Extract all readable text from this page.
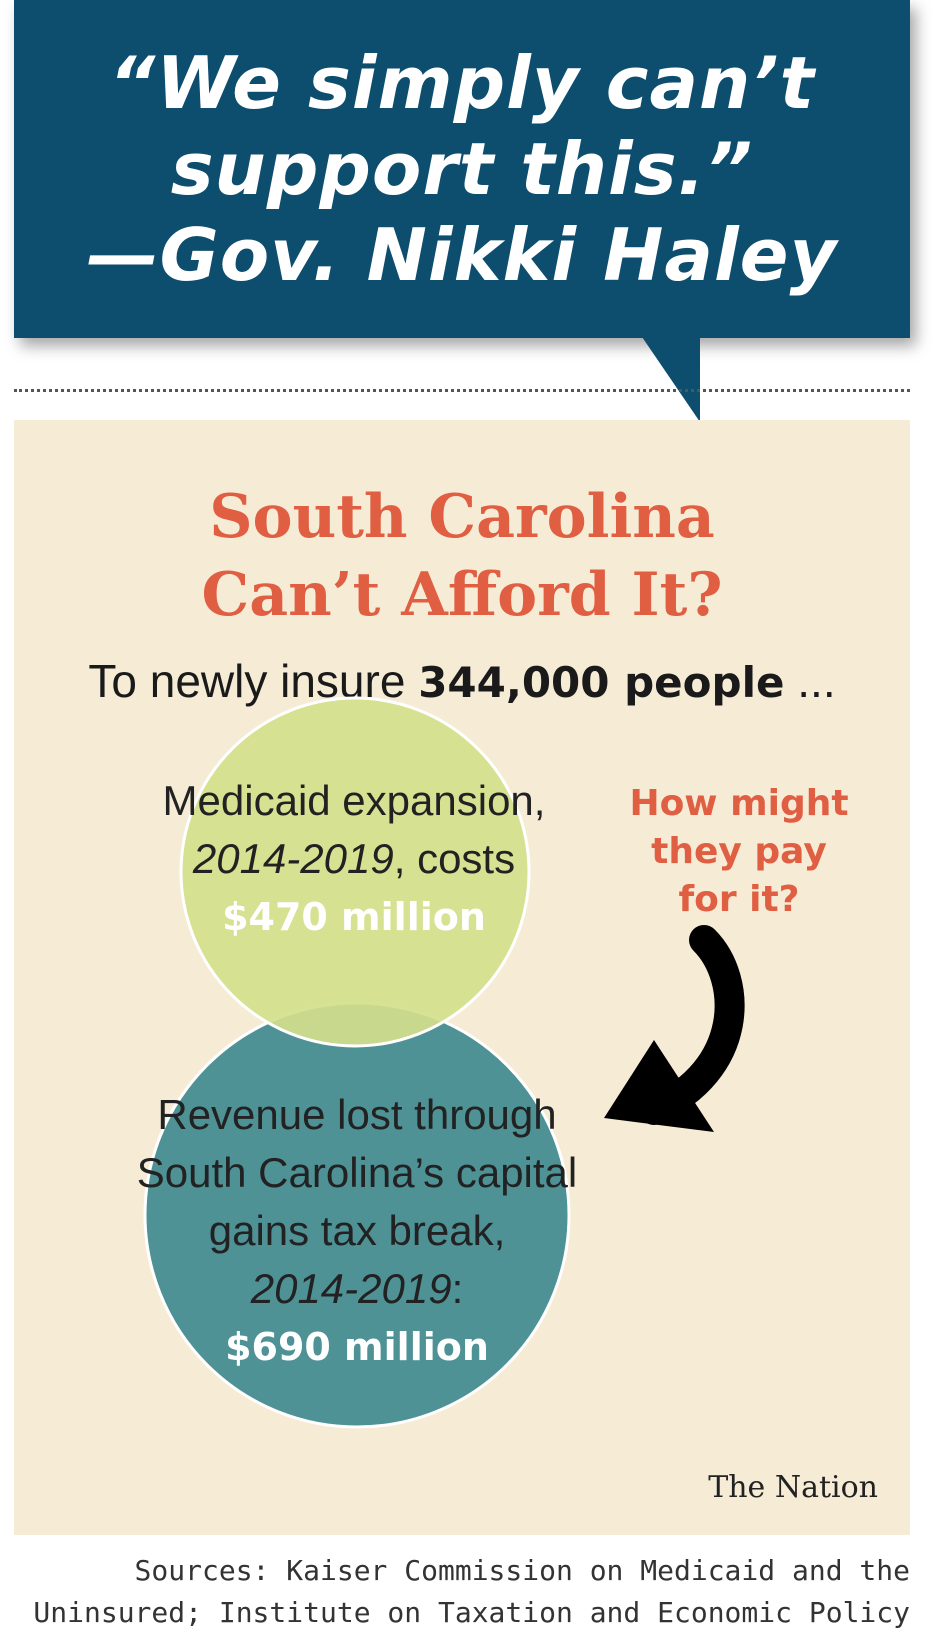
“We simply can’t
support this.”
—Gov. Nikki Haley
South Carolina
Can’t Afford It?
To newly insure 344,000 people ...
Medicaid expansion,
2014-2019, costs
$470 million
Revenue lost through
South Carolina’s capital
gains tax break,
2014-2019:
$690 million
How might
they pay
for it?
The Nation
Sources: Kaiser Commission on Medicaid and the
Uninsured; Institute on Taxation and Economic Policy
